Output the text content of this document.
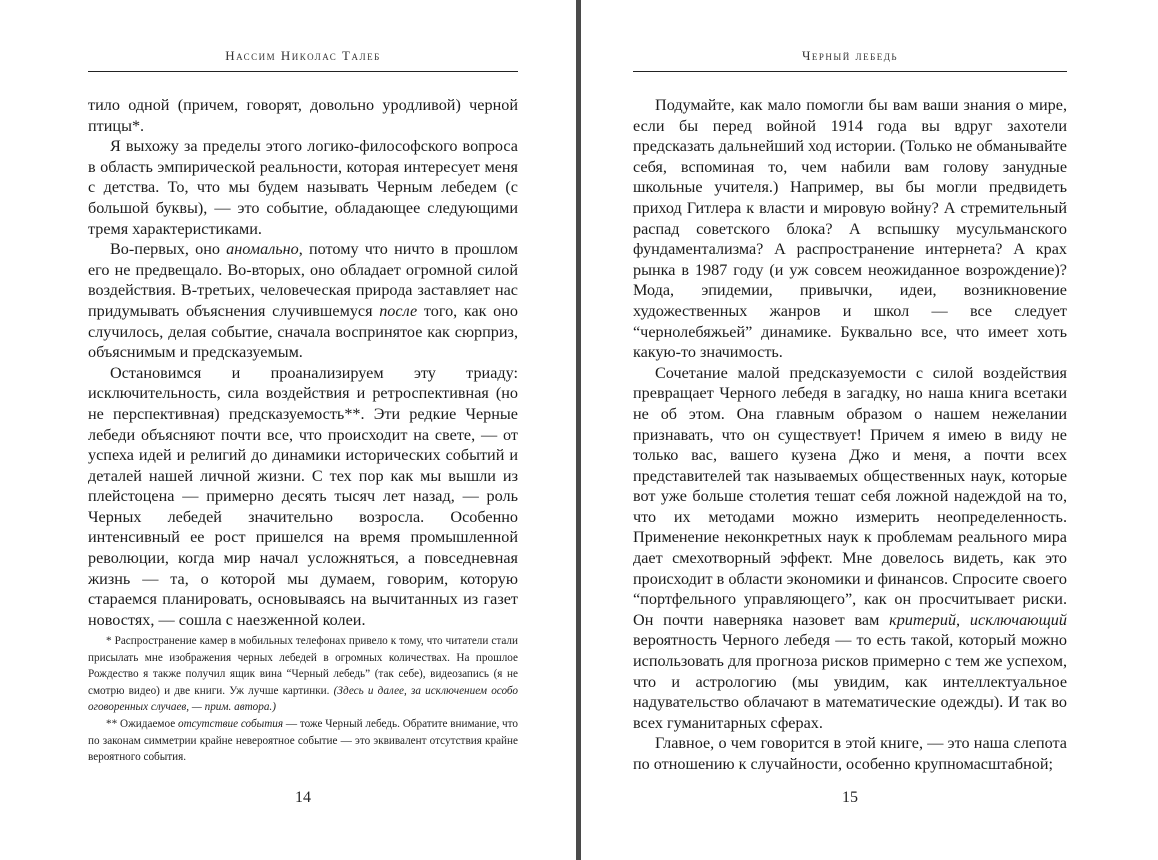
Нассим Николас Талеб

тило одной (причем, говорят, довольно уродливой) черной птицы*.

Я выхожу за пределы этого логико-философского вопроса в область эмпирической реальности, которая интересует меня с детства. То, что мы будем называть Черным лебедем (с большой буквы), — это событие, обладающее следующими тремя характеристиками.

Во-первых, оно аномально, потому что ничто в прошлом его не предвещало. Во-вторых, оно обладает огромной силой воздействия. В-третьих, человеческая природа заставляет нас придумывать объяснения случившемуся после того, как оно случилось, делая событие, сначала воспринятое как сюрприз, объяснимым и предсказуемым.

Остановимся и проанализируем эту триаду: исключительность, сила воздействия и ретроспективная (но не перспективная) предсказуемость**. Эти редкие Черные лебеди объясняют почти все, что происходит на свете, — от успеха идей и религий до динамики исторических событий и деталей нашей личной жизни. С тех пор как мы вышли из плейстоцена — примерно десять тысяч лет назад, — роль Черных лебедей значительно возросла. Особенно интенсивный ее рост пришелся на время промышленной революции, когда мир начал усложняться, а повседневная жизнь — та, о которой мы думаем, говорим, которую стараемся планировать, основываясь на вычитанных из газет новостях, — сошла с наезженной колеи.

* Распространение камер в мобильных телефонах привело к тому, что читатели стали присылать мне изображения черных лебедей в огромных количествах. На прошлое Рождество я также получил ящик вина “Черный лебедь” (так себе), видеозапись (я не смотрю видео) и две книги. Уж лучше картинки. (Здесь и далее, за исключением особо оговоренных случаев, — прим. автора.)

** Ожидаемое отсутствие события — тоже Черный лебедь. Обратите внимание, что по законам симметрии крайне невероятное событие — это эквивалент отсутствия крайне вероятного события.

14
Черный лебедь

Подумайте, как мало помогли бы вам ваши знания о мире, если бы перед войной 1914 года вы вдруг захотели предсказать дальнейший ход истории. (Только не обманывайте себя, вспоминая то, чем набили вам голову занудные школьные учителя.) Например, вы бы могли предвидеть приход Гитлера к власти и мировую войну? А стремительный распад советского блока? А вспышку мусульманского фундаментализма? А распространение интернета? А крах рынка в 1987 году (и уж совсем неожиданное возрождение)? Мода, эпидемии, привычки, идеи, возникновение художественных жанров и школ — все следует “чернолебяжьей” динамике. Буквально все, что имеет хоть какую-то значимость.

Сочетание малой предсказуемости с силой воздействия превращает Черного лебедя в загадку, но наша книга всетаки не об этом. Она главным образом о нашем нежелании признавать, что он существует! Причем я имею в виду не только вас, вашего кузена Джо и меня, а почти всех представителей так называемых общественных наук, которые вот уже больше столетия тешат себя ложной надеждой на то, что их методами можно измерить неопределенность. Применение неконкретных наук к проблемам реального мира дает смехотворный эффект. Мне довелось видеть, как это происходит в области экономики и финансов. Спросите своего “портфельного управляющего”, как он просчитывает риски. Он почти наверняка назовет вам критерий, исключающий вероятность Черного лебедя — то есть такой, который можно использовать для прогноза рисков примерно с тем же успехом, что и астрологию (мы увидим, как интеллектуальное надувательство облачают в математические одежды). И так во всех гуманитарных сферах.

Главное, о чем говорится в этой книге, — это наша слепота по отношению к случайности, особенно крупномасштабной;

15
